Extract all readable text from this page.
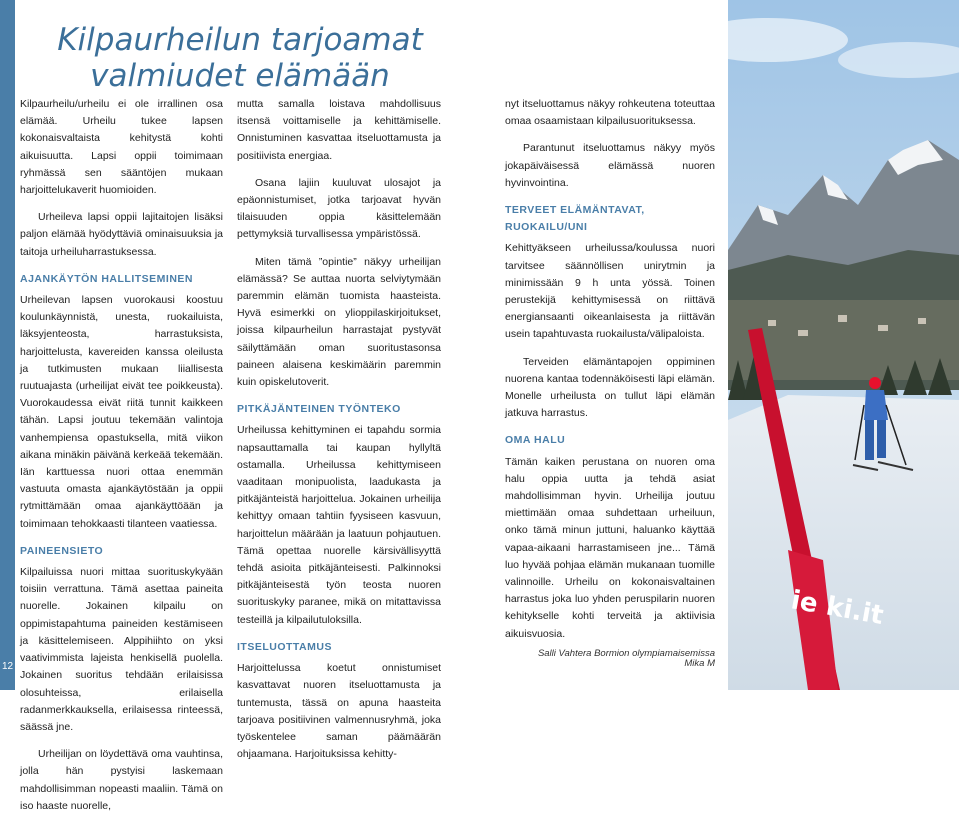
12
Kilpaurheilun tarjoamat
valmiudet elämään

Kilpaurheilu/urheilu ei ole irrallinen osa elämää. Urheilu tukee lapsen kokonaisvaltaista kehitystä kohti aikuisuutta. Lapsi oppii toimimaan ryhmässä sen sääntöjen mukaan harjoittelukaverit huomioiden.

Urheileva lapsi oppii lajitaitojen lisäksi paljon elämää hyödyttäviä ominaisuuksia ja taitoja urheiluharrastuksessa.

AJANKÄYTÖN HALLITSEMINEN

Urheilevan lapsen vuorokausi koostuu koulunkäynnistä, unesta, ruokailuista, läksyjenteosta, harrastuksista, harjoittelusta, kavereiden kanssa oleilusta ja tutkimusten mukaan liiallisesta ruutuajasta (urheilijat eivät tee poikkeusta). Vuorokaudessa eivät riitä tunnit kaikkeen tähän. Lapsi joutuu tekemään valintoja vanhempiensa opastuksella, mitä viikon aikana minäkin päivänä kerkeää tekemään. Iän karttuessa nuori ottaa enemmän vastuuta omasta ajankäytöstään ja oppii rytmittämään omaa ajankäyttöään ja toimimaan tehokkaasti tilanteen vaatiessa.

PAINEENSIETO

Kilpailuissa nuori mittaa suorituskykyään toisiin verrattuna. Tämä asettaa paineita nuorelle. Jokainen kilpailu on oppimistapahtuma paineiden kestämiseen ja käsittelemiseen. Alppihiihto on yksi vaativimmista lajeista henkisellä puolella. Jokainen suoritus tehdään erilaisissa olosuhteissa, erilaisella radanmerkkauksella, erilaisessa rinteessä, säässä jne.

Urheilijan on löydettävä oma vauhtinsa, jolla hän pystyisi laskemaan mahdollisimman nopeasti maaliin. Tämä on iso haaste nuorelle,

mutta samalla loistava mahdollisuus itsensä voittamiselle ja kehittämiselle. Onnistuminen kasvattaa itseluottamusta ja positiivista energiaa.

Osana lajiin kuuluvat ulosajot ja epäonnistumiset, jotka tarjoavat hyvän tilaisuuden oppia käsittelemään pettymyksiä turvallisessa ympäristössä.

Miten tämä ”opintie” näkyy urheilijan elämässä? Se auttaa nuorta selviytymään paremmin elämän tuomista haasteista. Hyvä esimerkki on ylioppilaskirjoitukset, joissa kilpaurheilun harrastajat pystyvät säilyttämään oman suoritustasonsa paineen alaisena keskimäärin paremmin kuin opiskelutoverit.

PITKÄJÄNTEINEN TYÖNTEKO

Urheilussa kehittyminen ei tapahdu sormia napsauttamalla tai kaupan hyllyltä ostamalla. Urheilussa kehittymiseen vaaditaan monipuolista, laadukasta ja pitkäjänteistä harjoittelua. Jokainen urheilija kehittyy omaan tahtiin fyysiseen kasvuun, harjoittelun määrään ja laatuun pohjautuen. Tämä opettaa nuorelle kärsivällisyyttä tehdä asioita pitkäjänteisesti. Palkinnoksi pitkäjänteisestä työn teosta nuoren suorituskyky paranee, mikä on mitattavissa testeillä ja kilpailutuloksilla.

ITSELUOTTAMUS

Harjoittelussa koetut onnistumiset kasvattavat nuoren itseluottamusta ja tuntemusta, tässä on apuna haasteita tarjoava positiivinen valmennusryhmä, joka työskentelee saman päämäärän ohjaamana. Harjoituksissa kehitty-

nyt itseluottamus näkyy rohkeutena toteuttaa omaa osaamistaan kilpailusuorituksessa.

Parantunut itseluottamus näkyy myös jokapäiväisessä elämässä nuoren hyvinvointina.

TERVEET ELÄMÄNTAVAT, RUOKAILU/UNI

Kehittyäkseen urheilussa/koulussa nuori tarvitsee säännöllisen unirytmin ja minimissään 9 h unta yössä. Toinen perustekijä kehittymisessä on riittävä energiansaanti oikeanlaisesta ja riittävän usein tapahtuvasta ruokailusta/välipaloista.

Terveiden elämäntapojen oppiminen nuorena kantaa todennäköisesti läpi elämän. Monelle urheilusta on tullut läpi elämän jatkuva harrastus.

OMA HALU

Tämän kaiken perustana on nuoren oma halu oppia uutta ja tehdä asiat mahdollisimman hyvin. Urheilija joutuu miettimään omaa suhdettaan urheiluun, onko tämä minun juttuni, haluanko käyttää vapaa-aikaani harrastamiseen jne... Tämä luo hyvää pohjaa elämän mukanaan tuomille valinnoille. Urheilu on kokonaisvaltainen harrastus joka luo yhden peruspilarin nuoren kehitykselle kohti terveitä ja aktiivisia aikuisvuosia.

Mika M
Salli Vahtera Bormion olympiamaisemissa
ie ki.it
